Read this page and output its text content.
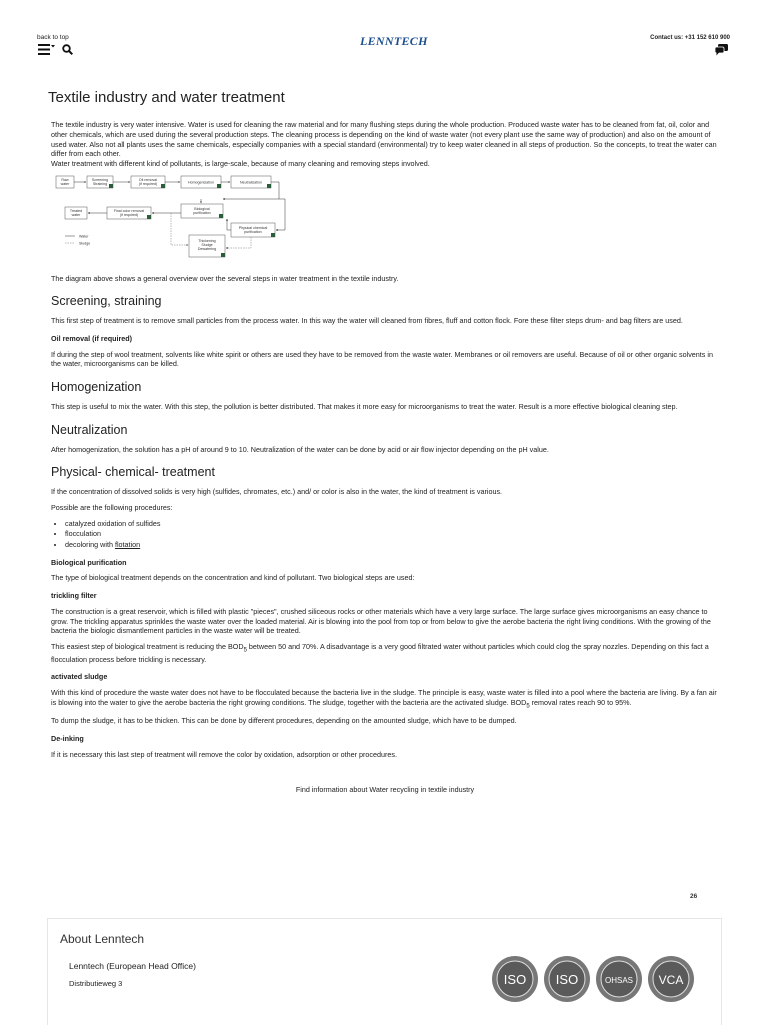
back to top	LENNTECH	Contact us: +31 152 610 900
Textile industry and water treatment

The textile industry is very water intensive. Water is used for cleaning the raw material and for many flushing steps during the whole production. Produced waste water has to be cleaned from fat, oil, color and other chemicals, which are used during the several production steps. The cleaning process is depending on the kind of waste water (not every plant use the same way of production) and also on the amount of used water. Also not all plants uses the same chemicals, especially companies with a special standard (environmental) try to keep water cleaned in all steps of production. So the concepts, to treat the water can differ from each other.
Water treatment with different kind of pollutants, is large-scale, because of many cleaning and removing steps involved.

Raw
water
Screening
Straining
Oil removal
(if required)	Homogenization	Neutralization
Treated
water
Final color removal
(if required)
Biological
purification
Physical chemical
purification
Thickening
Sludge
Dewatering
Water
Sludge

The diagram above shows a general overview over the several steps in water treatment in the textile industry.

Screening, straining

This first step of treatment is to remove small particles from the process water. In this way the water will cleaned from fibres, fluff and cotton flock. Fore these filter steps drum- and bag filters are used.

Oil removal (if required)

If during the step of wool treatment, solvents like white spirit or others are used they have to be removed from the waste water. Membranes or oil removers are useful. Because of oil or other organic solvents in the water, microorganisms can be killed.

Homogenization

This step is useful to mix the water. With this step, the pollution is better distributed. That makes it more easy for microorganisms to treat the water. Result is a more effective biological cleaning step.

Neutralization

After homogenization, the solution has a pH of around 9 to 10. Neutralization of the water can be done by acid or air flow injector depending on the pH value.

Physical- chemical- treatment

If the concentration of dissolved solids is very high (sulfides, chromates, etc.) and/ or color is also in the water, the kind of treatment is various.

Possible are the following procedures:

• catalyzed oxidation of sulfides
• flocculation
• decoloring with flotation

Biological purification

The type of biological treatment depends on the concentration and kind of pollutant. Two biological steps are used:

trickling filter

The construction is a great reservoir, which is filled with plastic "pieces", crushed siliceous rocks or other materials which have a very large surface. The large surface gives microorganisms an easy chance to grow. The trickling apparatus sprinkles the waste water over the loaded material. Air is blowing into the pool from top or from below to give the aerobe bacteria the right living conditions. With the growing of the bacteria the biologic dismantlement particles in the waste water will be treated.

This easiest step of biological treatment is reducing the $BOD_5$ between 50 and 70%. A disadvantage is a very good filtrated water without particles which could clog the spray nozzles. Depending on this fact a flocculation process before trickling is necessary.

activated sludge

With this kind of procedure the waste water does not have to be flocculated because the bacteria live in the sludge. The principle is easy, waste water is filled into a pool where the bacteria are living. By a fan air is blowing into the water to give the aerobe bacteria the right growing conditions. The sludge, together with the bacteria are the activated sludge. $BOD_5$ removal rates reach 90 to 95%.

To dump the sludge, it has to be thicken. This can be done by different procedures, depending on the amounted sludge, which have to be dumped.

De-inking

If it is necessary this last step of treatment will remove the color by oxidation, adsorption or other procedures.

Find information about Water recycling in textile industry

26
About Lenntech
Lenntech (European Head Office)
Distributieweg 3	ISO ISO	OHSAS VCA
